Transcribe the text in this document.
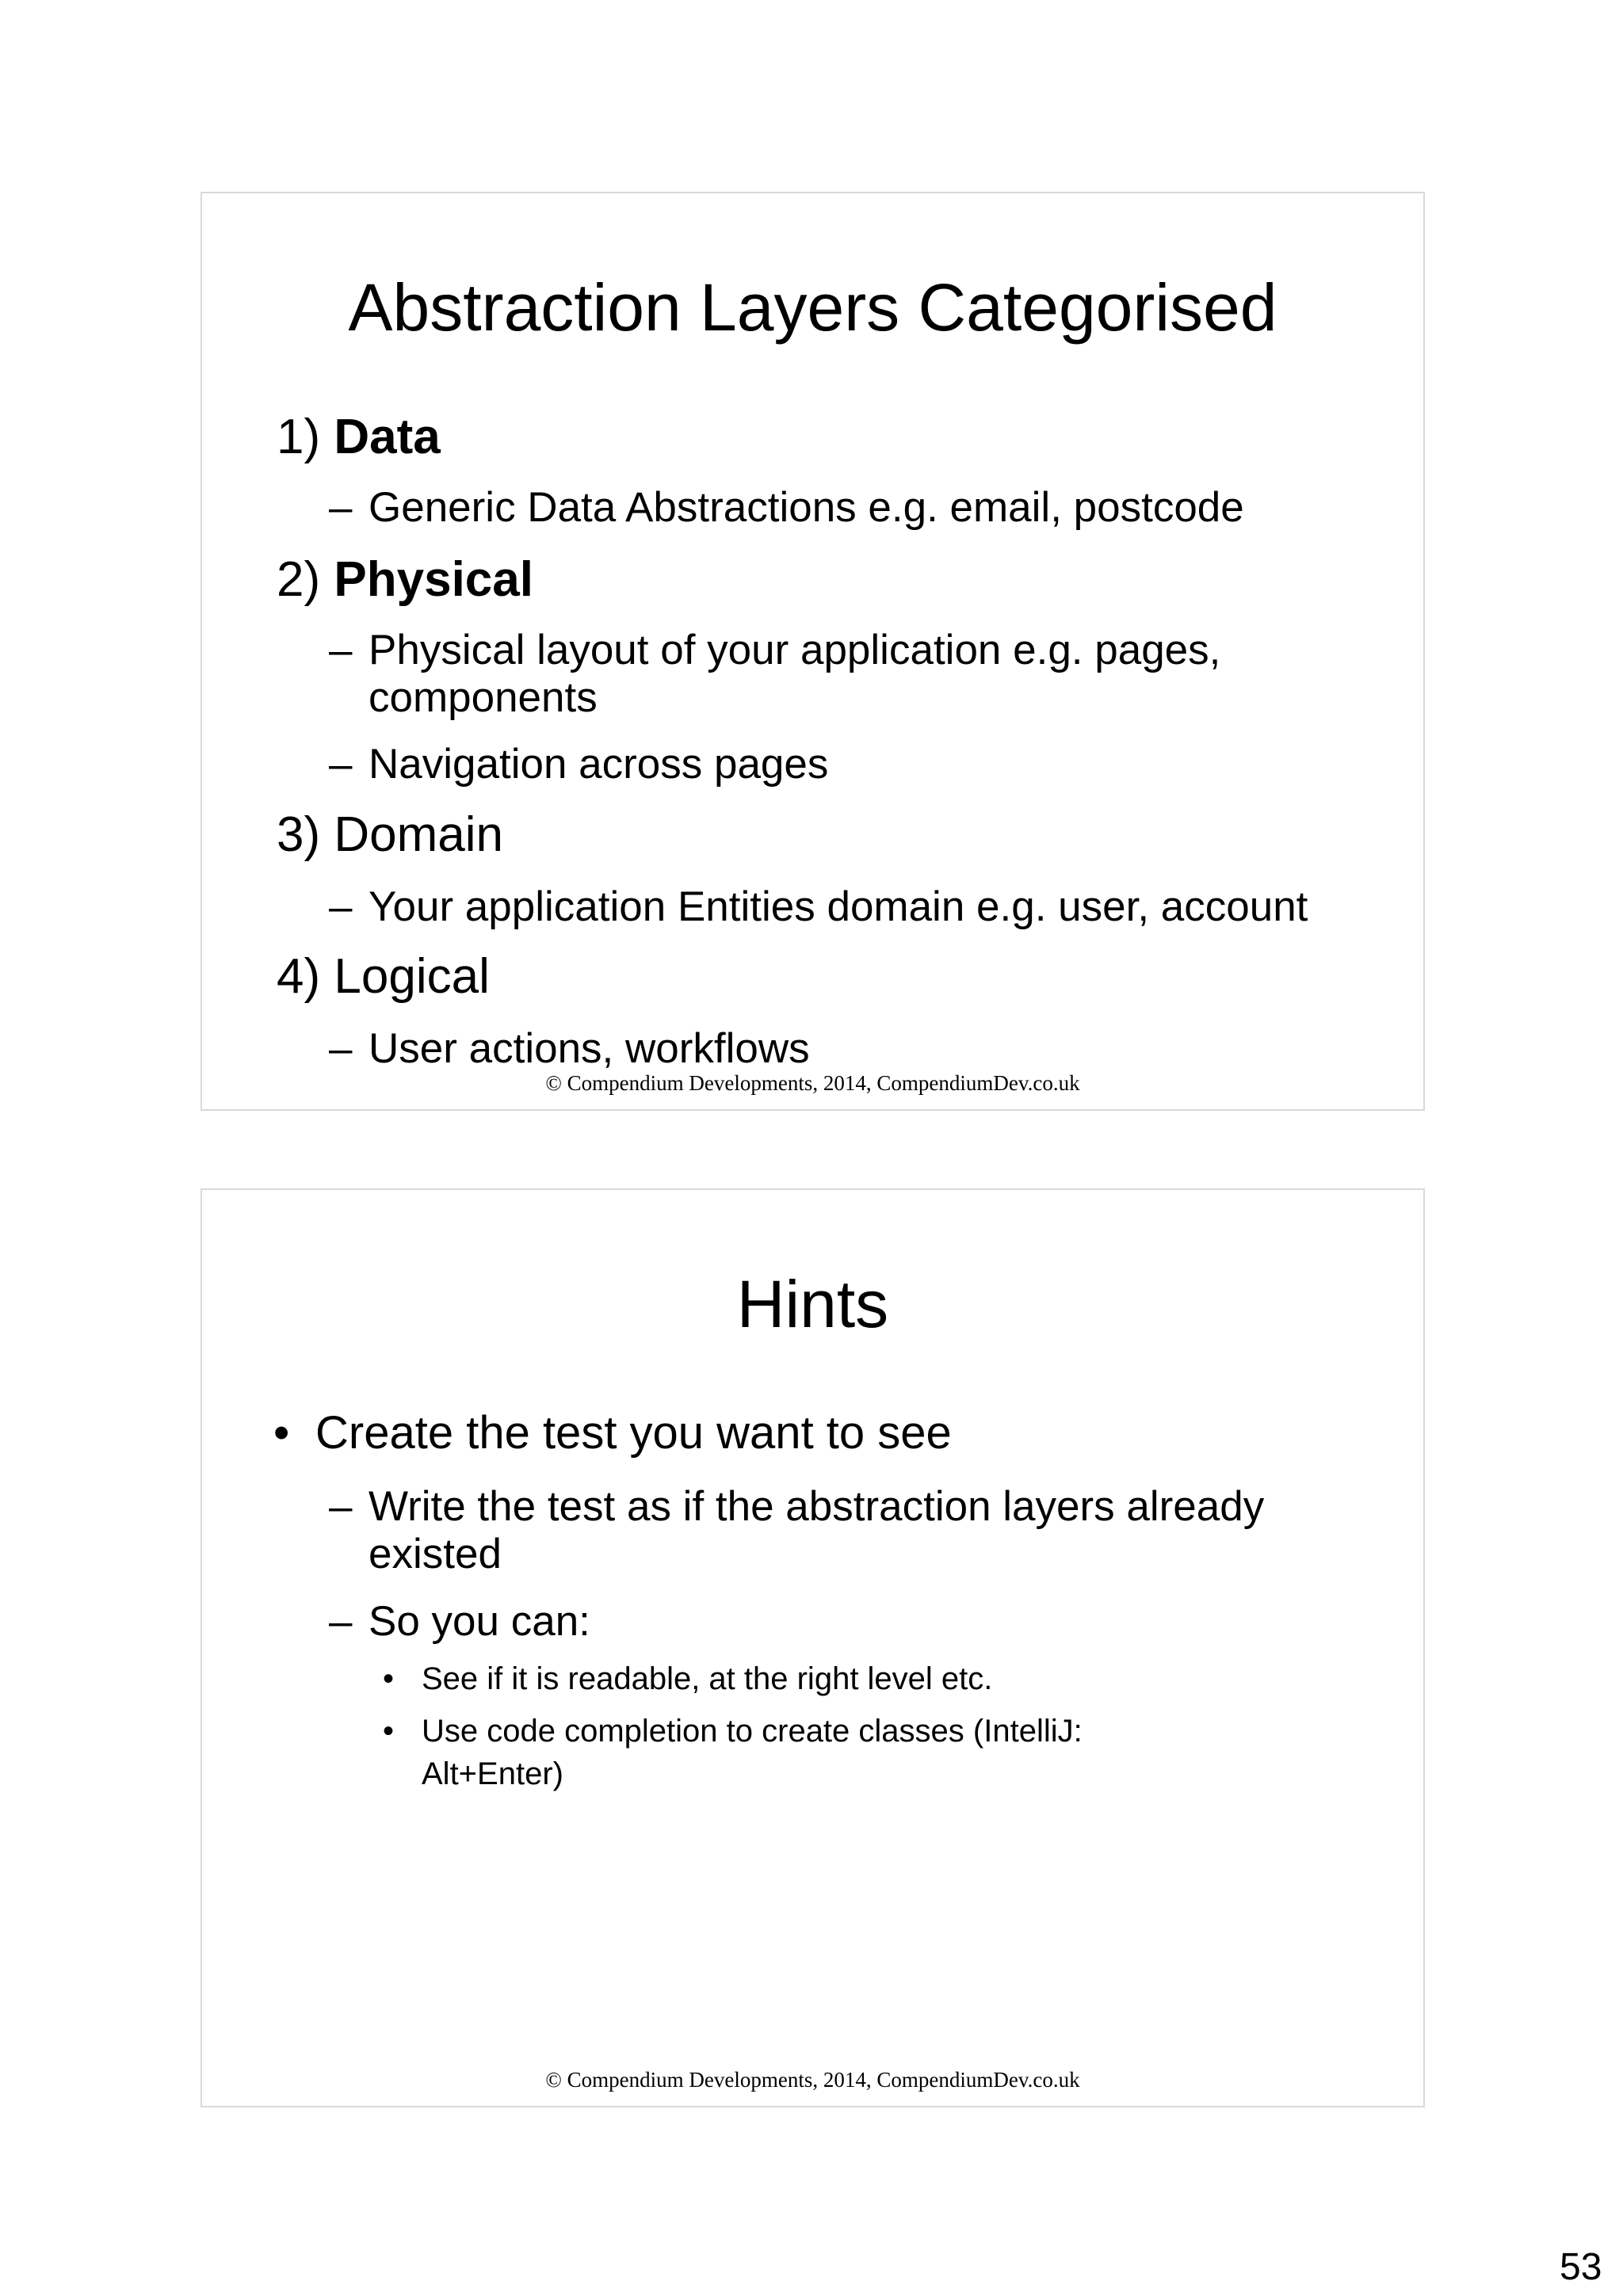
Abstraction Layers Categorised
1) Data
– Generic Data Abstractions e.g. email, postcode
2) Physical
– Physical layout of your application e.g. pages,
components
– Navigation across pages
3) Domain
– Your application Entities domain e.g. user, account
4) Logical
– User actions, workflows
© Compendium Developments, 2014, CompendiumDev.co.uk
Hints
• Create the test you want to see
– Write the test as if the abstraction layers already
existed
– So you can:
• See if it is readable, at the right level etc.
• Use code completion to create classes (IntelliJ:
Alt+Enter)
© Compendium Developments, 2014, CompendiumDev.co.uk
53
